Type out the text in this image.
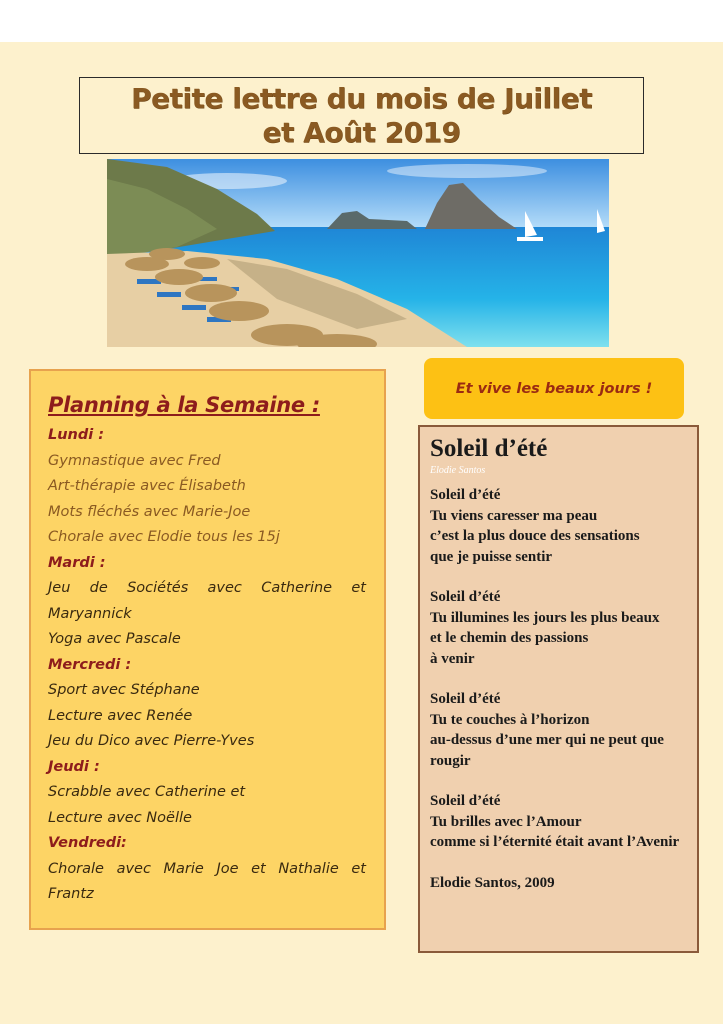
Petite lettre du mois de Juillet
et Août 2019
Planning à la Semaine :
Lundi :
Gymnastique avec Fred
Art-thérapie avec Élisabeth
Mots fléchés avec Marie-Joe
Chorale avec Elodie tous les 15j
Mardi :
Jeu de Sociétés avec Catherine et Maryannick
Yoga avec Pascale
Mercredi :
Sport avec Stéphane
Lecture avec Renée
Jeu du Dico avec Pierre-Yves
Jeudi :
Scrabble avec Catherine et
Lecture avec Noëlle
Vendredi:
Chorale avec Marie Joe et Nathalie et Frantz
Et vive les beaux jours !
Soleil d’été
Elodie Santos
Soleil d’été
Tu viens caresser ma peau
c’est la plus douce des sensations
que je puisse sentir
Soleil d’été
Tu illumines les jours les plus beaux
et le chemin des passions
à venir
Soleil d’été
Tu te couches à l’horizon
au-dessus d’une mer qui ne peut que rougir
Soleil d’été
Tu brilles avec l’Amour
comme si l’éternité était avant l’Avenir
Elodie Santos, 2009
